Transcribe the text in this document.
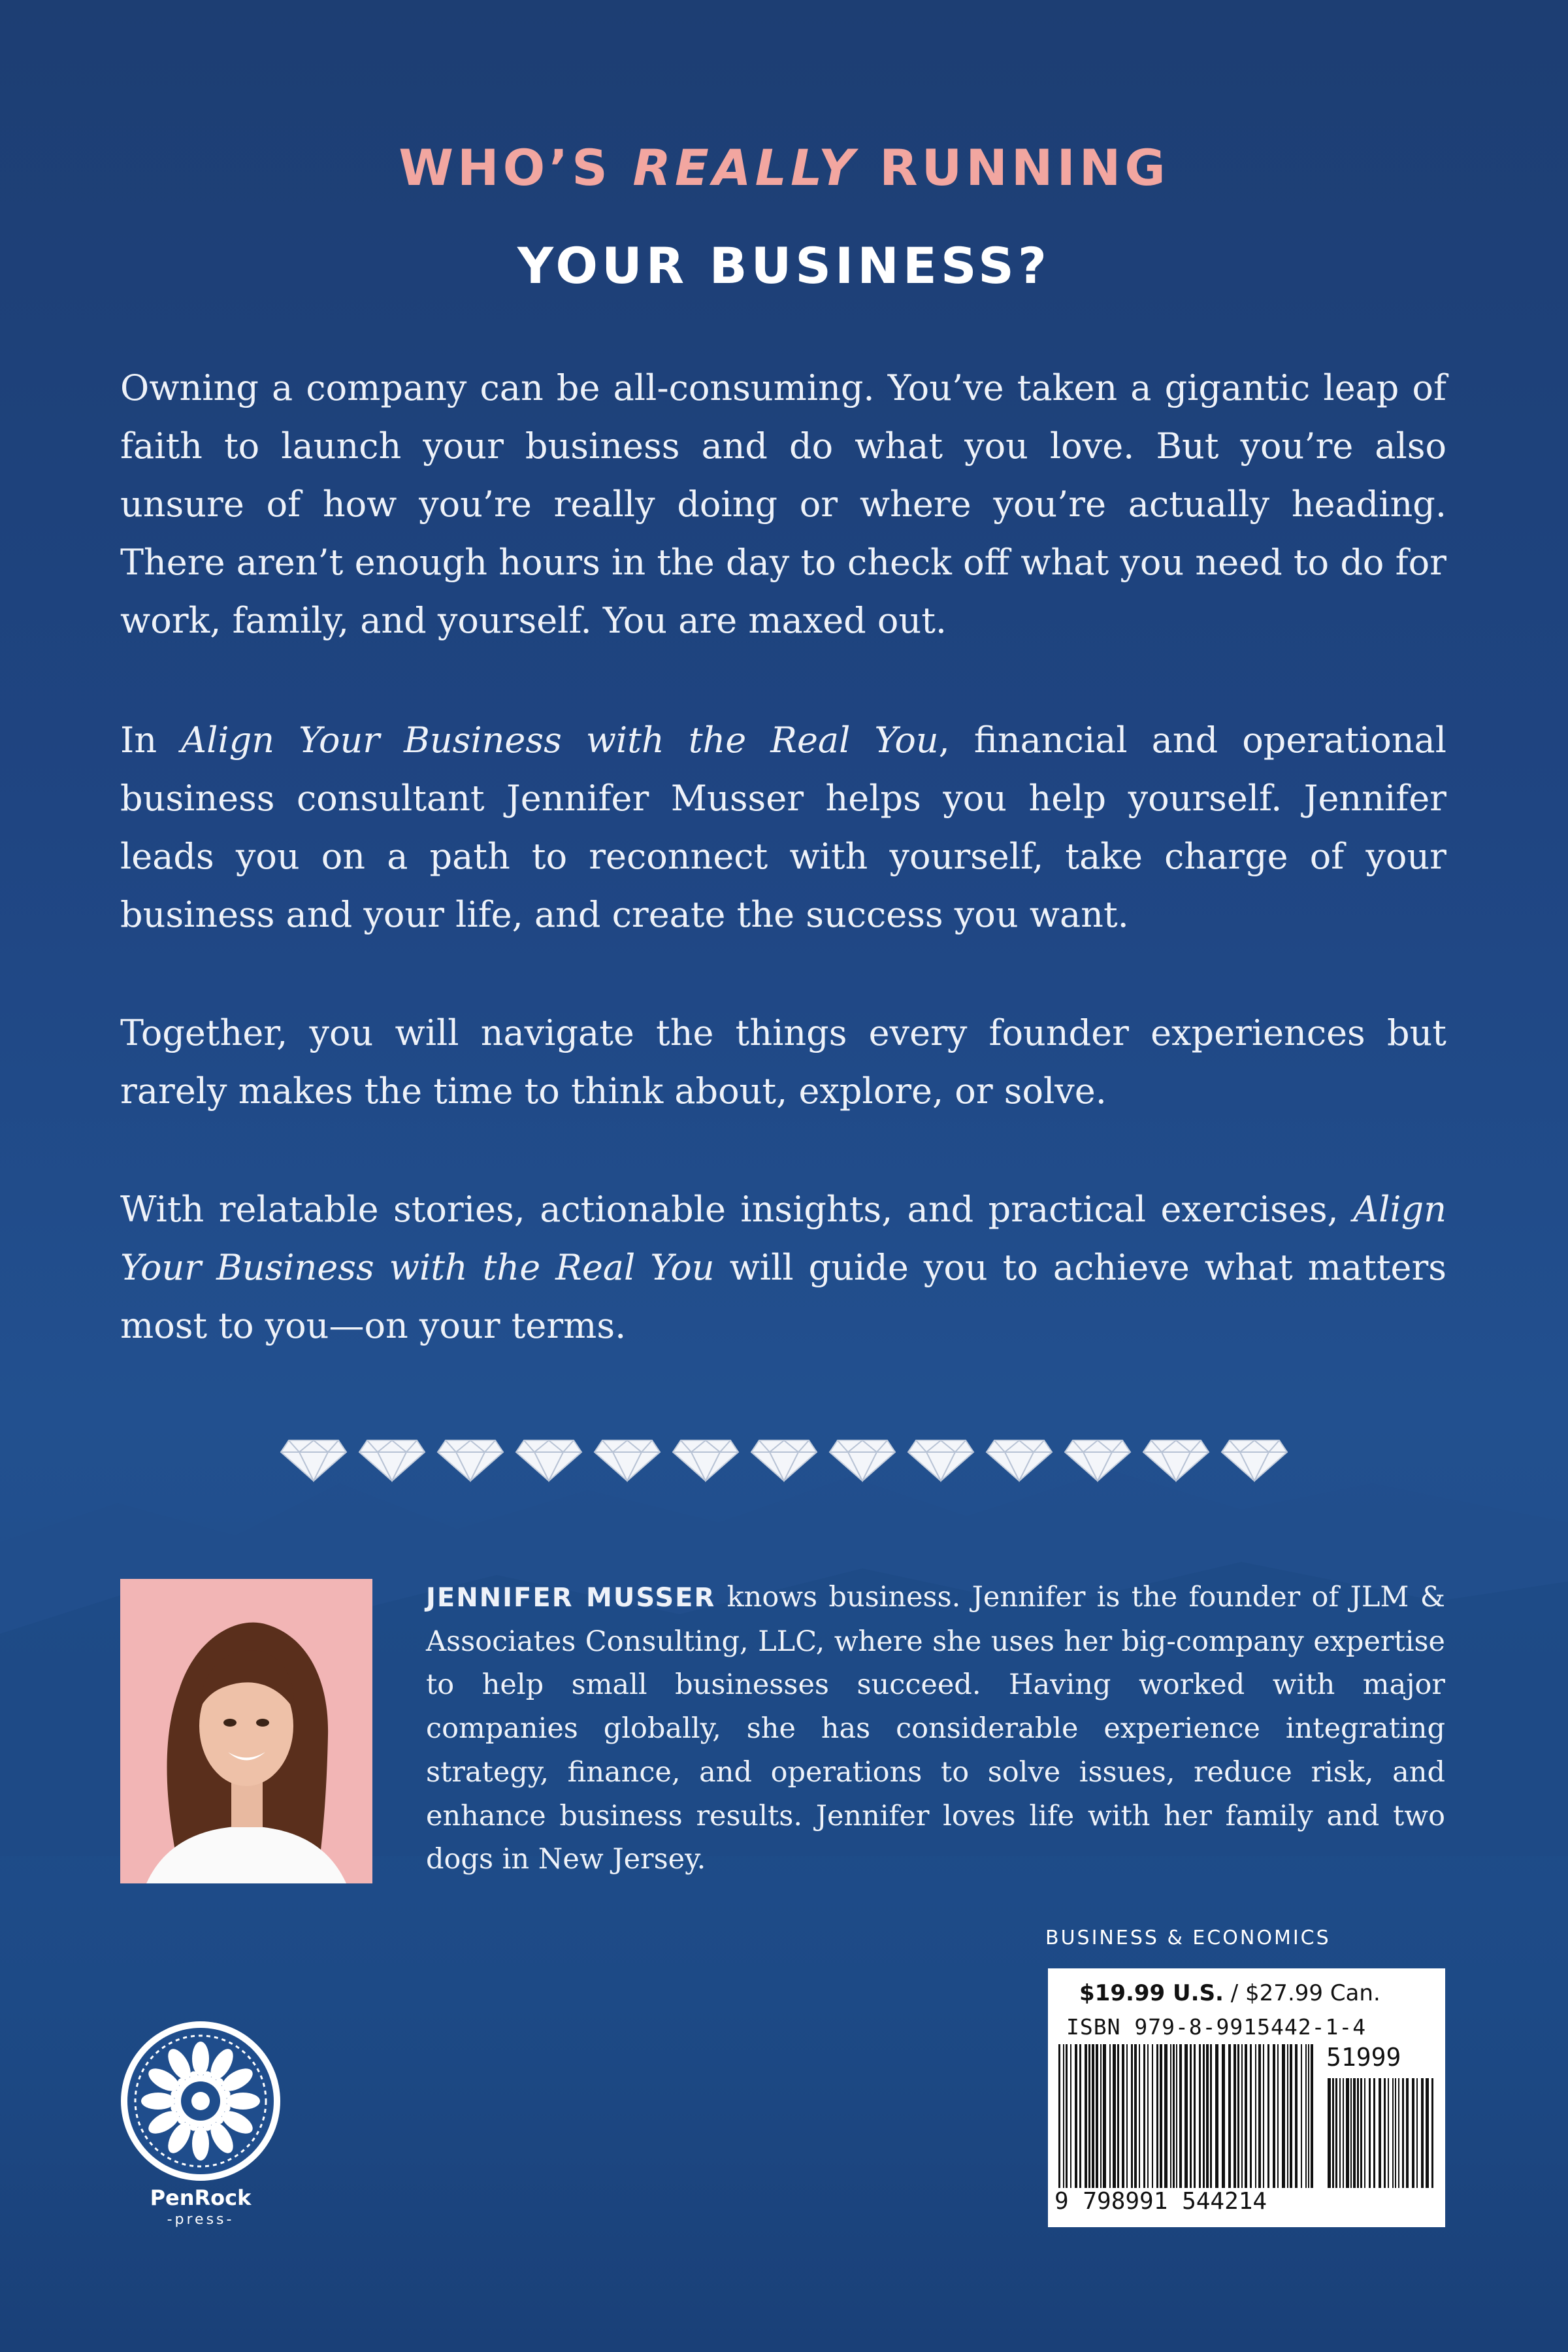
WHO’S REALLY RUNNING
YOUR BUSINESS?

Owning a company can be all-consuming. You’ve taken a gigantic leap of faith to launch your business and do what you love. But you’re also unsure of how you’re really doing or where you’re actually heading. There aren’t enough hours in the day to check off what you need to do for work, family, and yourself. You are maxed out.

In Align Your Business with the Real You, financial and operational business consultant Jennifer Musser helps you help yourself. Jennifer leads you on a path to reconnect with yourself, take charge of your business and your life, and create the success you want.

Together, you will navigate the things every founder experiences but rarely makes the time to think about, explore, or solve.

With relatable stories, actionable insights, and practical exercises, Align Your Business with the Real You will guide you to achieve what matters most to you—on your terms.

JENNIFER MUSSER knows business. Jennifer is the founder of JLM & Associates Consulting, LLC, where she uses her big-company expertise to help small businesses succeed. Having worked with major companies globally, she has considerable experience integrating strategy, finance, and operations to solve issues, reduce risk, and enhance business results. Jennifer loves life with her family and two dogs in New Jersey.

BUSINESS & ECONOMICS
$19.99 U.S. / $27.99 Can.
ISBN 979-8-9915442-1-4
51999
9 798991 544214
PenRock
-press-
